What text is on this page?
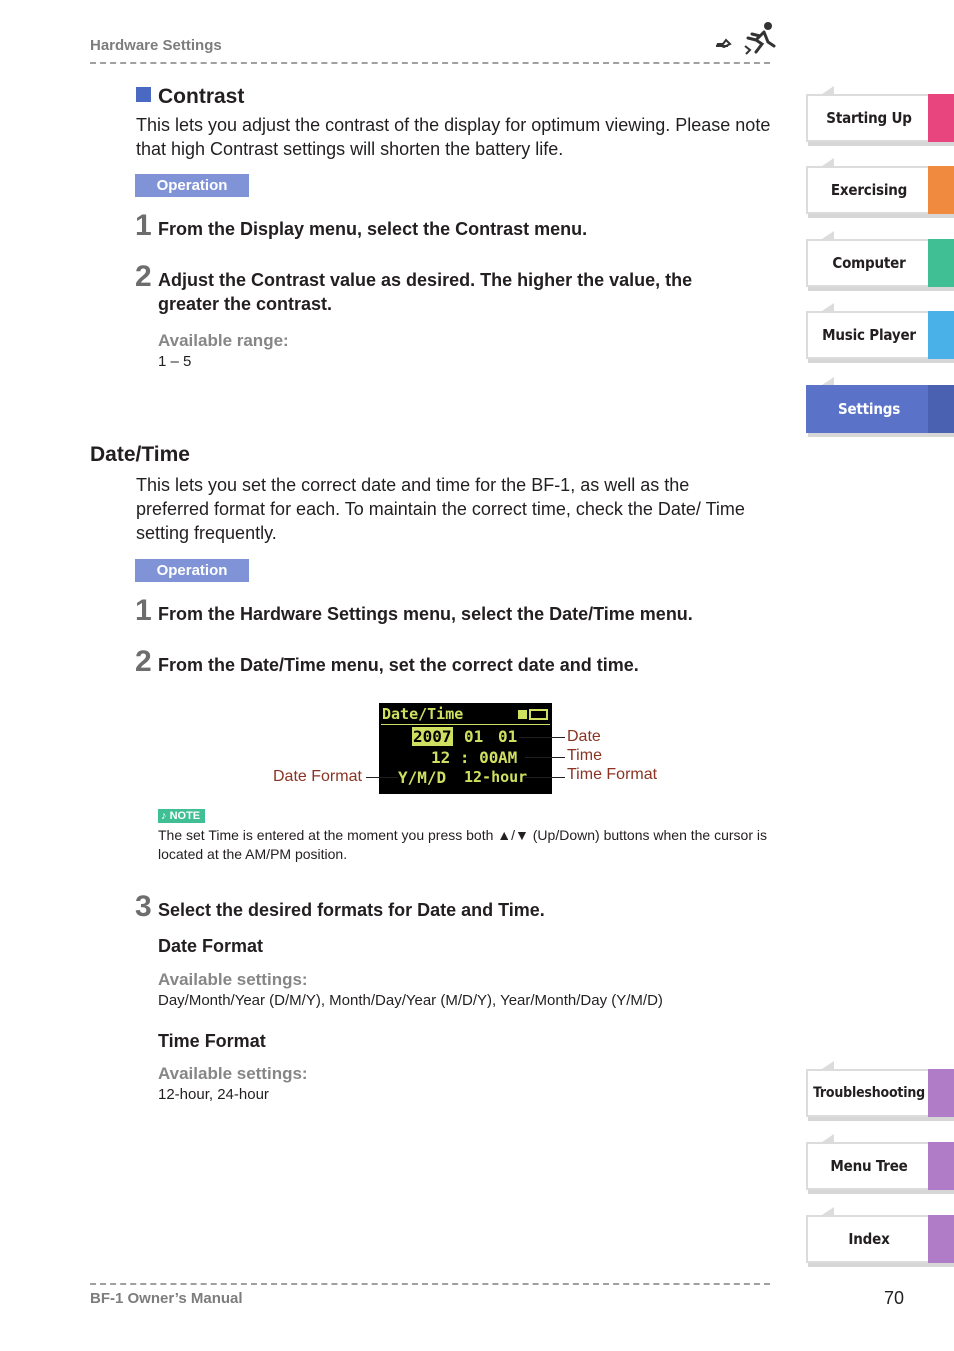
Hardware Settings
Contrast
This lets you adjust the contrast of the display for optimum viewing. Please note that high Contrast settings will shorten the battery life.
Operation
1 From the Display menu, select the Contrast menu.
2 Adjust the Contrast value as desired. The higher the value, the greater the contrast.
Available range:
1 – 5
Date/Time
This lets you set the correct date and time for the BF-1, as well as the preferred format for each. To maintain the correct time, check the Date/ Time setting frequently.
Operation
1 From the Hardware Settings menu, select the Date/Time menu.
2 From the Date/Time menu, set the correct date and time.
Date/Time
2007 01 01
12 : 00 AM
Y/M/D 12-hour
Date
Time
Time Format
Date Format
♪ NOTE
The set Time is entered at the moment you press both ▲/▼ (Up/Down) buttons when the cursor is located at the AM/PM position.
3 Select the desired formats for Date and Time.
Date Format
Available settings:
Day/Month/Year (D/M/Y), Month/Day/Year (M/D/Y), Year/Month/Day (Y/M/D)
Time Format
Available settings:
12-hour, 24-hour
Starting Up
Exercising
Computer
Music Player
Settings
Troubleshooting
Menu Tree
Index
BF-1 Owner’s Manual	70
